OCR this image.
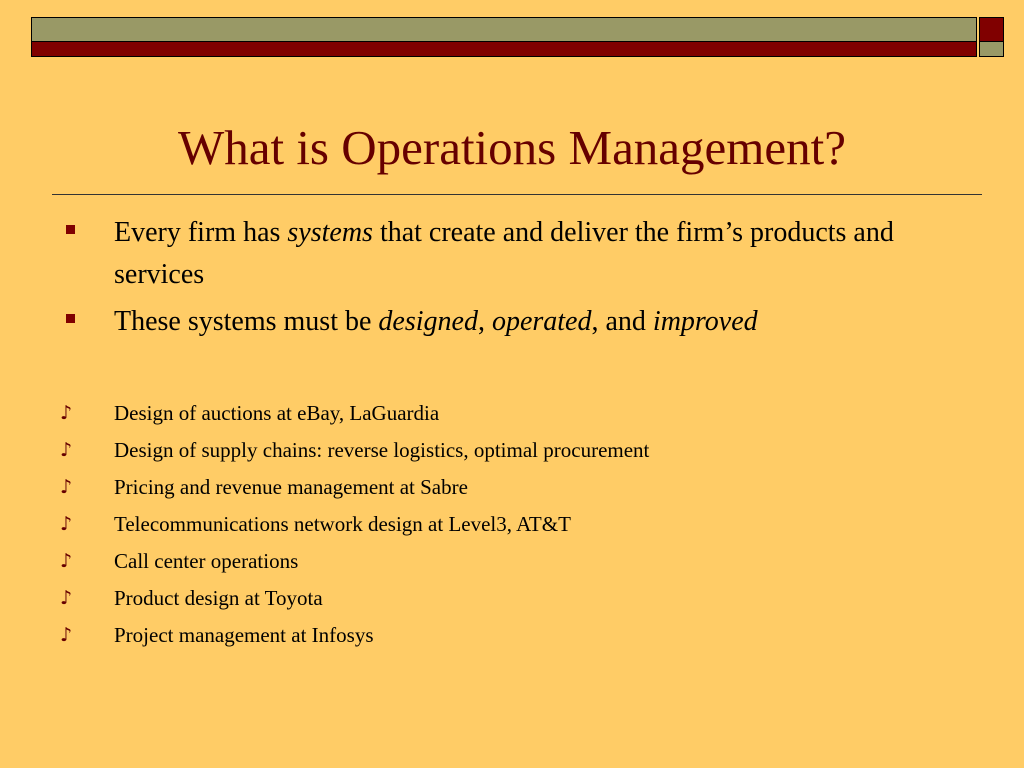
What is Operations Management?
Every firm has systems that create and deliver the firm’s products and services
These systems must be designed, operated, and improved
♪ Design of auctions at eBay, LaGuardia
♪ Design of supply chains: reverse logistics, optimal procurement
♪ Pricing and revenue management at Sabre
♪ Telecommunications network design at Level3, AT&T
♪ Call center operations
♪ Product design at Toyota
♪ Project management at Infosys
